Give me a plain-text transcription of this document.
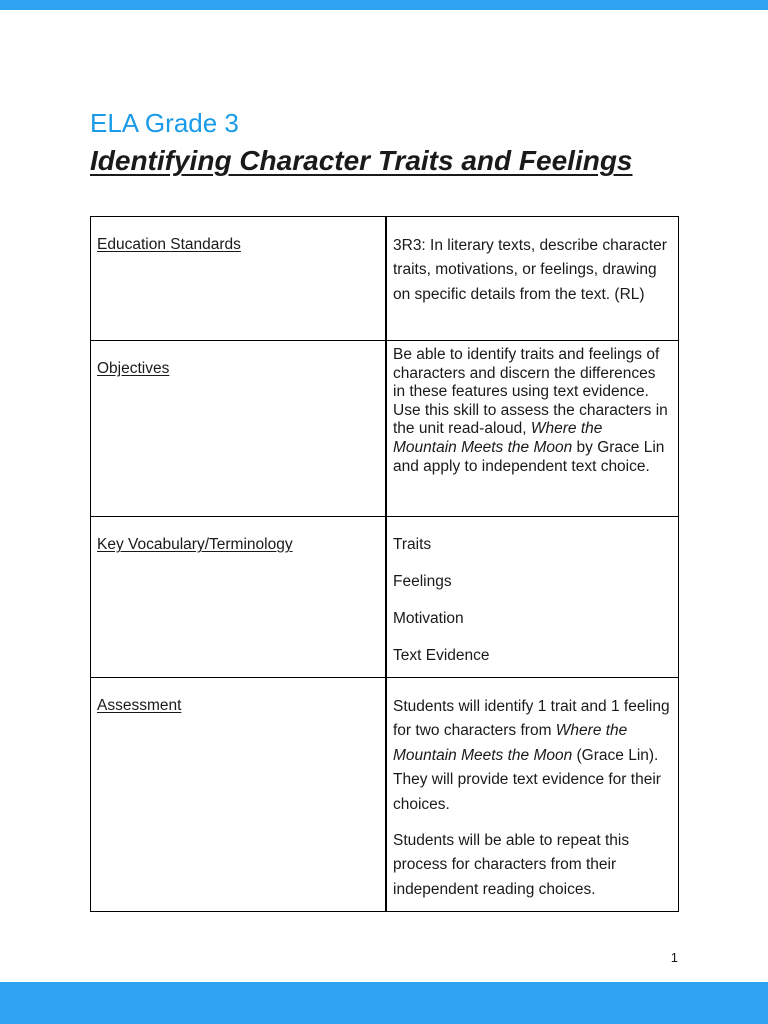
ELA Grade 3
Identifying Character Traits and Feelings
Education Standards	3R3: In literary texts, describe character traits, motivations, or feelings, drawing on specific details from the text. (RL)

Objectives	Be able to identify traits and feelings of characters and discern the differences in these features using text evidence. Use this skill to assess the characters in the unit read-aloud, Where the Mountain Meets the Moon by Grace Lin and apply to independent text choice.

Key Vocabulary/Terminology	Traits

Feelings

Motivation

Text Evidence

Assessment	Students will identify 1 trait and 1 feeling for two characters from Where the Mountain Meets the Moon (Grace Lin). They will provide text evidence for their choices.

Students will be able to repeat this process for characters from their independent reading choices.

1
